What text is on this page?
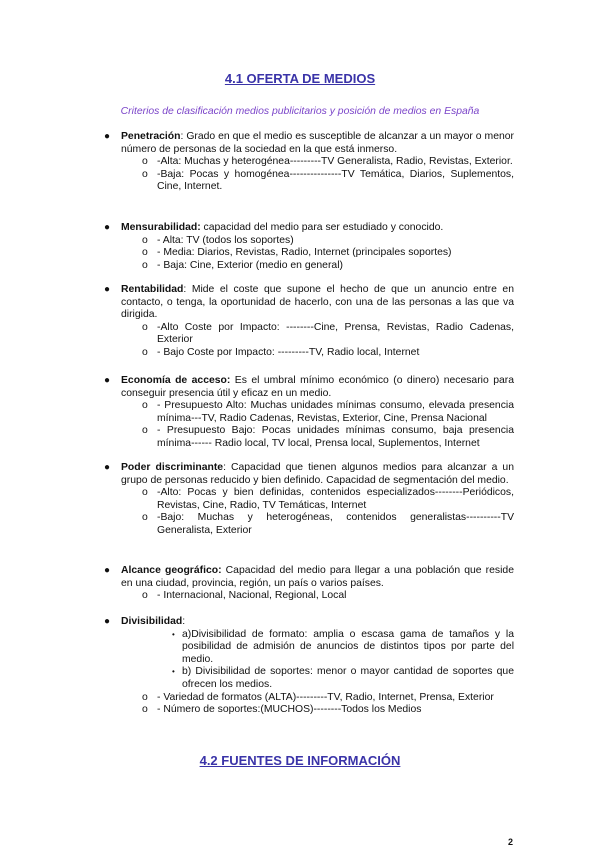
4.1 OFERTA DE MEDIOS
Criterios de clasificación medios publicitarios y posición de medios en España
● Penetración: Grado en que el medio es susceptible de alcanzar a un mayor o menor número de personas de la sociedad en la que está inmerso.
o -Alta: Muchas y heterogénea---------TV Generalista, Radio, Revistas, Exterior.
o -Baja: Pocas y homogénea---------------TV Temática, Diarios, Suplementos, Cine, Internet.
● Mensurabilidad: capacidad del medio para ser estudiado y conocido.
o - Alta: TV (todos los soportes)
o - Media: Diarios, Revistas, Radio, Internet (principales soportes)
o - Baja: Cine, Exterior (medio en general)
● Rentabilidad: Mide el coste que supone el hecho de que un anuncio entre en contacto, o tenga, la oportunidad de hacerlo, con una de las personas a las que va dirigida.
o -Alto Coste por Impacto: --------Cine, Prensa, Revistas, Radio Cadenas, Exterior
o - Bajo Coste por Impacto: ---------TV, Radio local, Internet
● Economía de acceso: Es el umbral mínimo económico (o dinero) necesario para conseguir presencia útil y eficaz en un medio.
o - Presupuesto Alto: Muchas unidades mínimas consumo, elevada presencia mínima---TV, Radio Cadenas, Revistas, Exterior, Cine, Prensa Nacional
o - Presupuesto Bajo: Pocas unidades mínimas consumo, baja presencia mínima------ Radio local, TV local, Prensa local, Suplementos, Internet
● Poder discriminante: Capacidad que tienen algunos medios para alcanzar a un grupo de personas reducido y bien definido. Capacidad de segmentación del medio.
o -Alto: Pocas y bien definidas, contenidos especializados--------Periódicos, Revistas, Cine, Radio, TV Temáticas, Internet
o -Bajo: Muchas y heterogéneas, contenidos generalistas----------TV Generalista, Exterior
● Alcance geográfico: Capacidad del medio para llegar a una población que reside en una ciudad, provincia, región, un país o varios países.
o - Internacional, Nacional, Regional, Local
● Divisibilidad:
• a)Divisibilidad de formato: amplia o escasa gama de tamaños y la posibilidad de admisión de anuncios de distintos tipos por parte del medio.
• b) Divisibilidad de soportes: menor o mayor cantidad de soportes que ofrecen los medios.
o - Variedad de formatos (ALTA)---------TV, Radio, Internet, Prensa, Exterior
o - Número de soportes:(MUCHOS)--------Todos los Medios
4.2 FUENTES DE INFORMACIÓN
2
